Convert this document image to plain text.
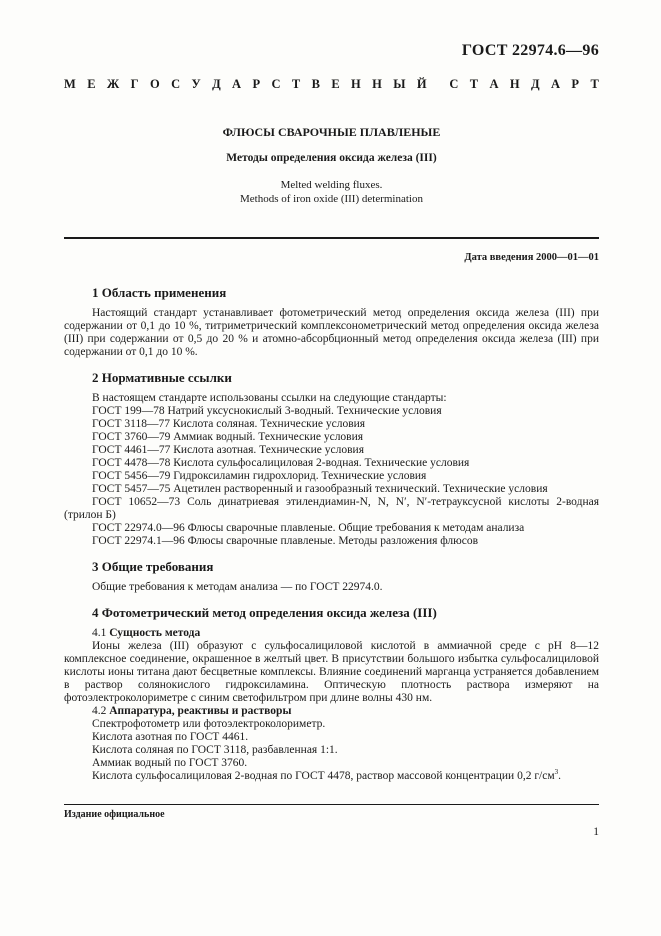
ГОСТ 22974.6—96
М Е Ж Г О С У Д А Р С Т В Е Н Н Ы Й С Т А Н Д А Р Т
ФЛЮСЫ СВАРОЧНЫЕ ПЛАВЛЕНЫЕ
Методы определения оксида железа (III)
Melted welding fluxes.
Methods of iron oxide (III) determination
Дата введения 2000—01—01
1 Область применения

Настоящий стандарт устанавливает фотометрический метод определения оксида железа (III) при содержании от 0,1 до 10 %, титриметрический комплексонометрический метод определения оксида железа (III) при содержании от 0,5 до 20 % и атомно-абсорбционный метод определения оксида железа (III) при содержании от 0,1 до 10 %.

2 Нормативные ссылки

В настоящем стандарте использованы ссылки на следующие стандарты:

ГОСТ 199—78 Натрий уксуснокислый 3-водный. Технические условия

ГОСТ 3118—77 Кислота соляная. Технические условия

ГОСТ 3760—79 Аммиак водный. Технические условия

ГОСТ 4461—77 Кислота азотная. Технические условия

ГОСТ 4478—78 Кислота сульфосалициловая 2-водная. Технические условия

ГОСТ 5456—79 Гидроксиламин гидрохлорид. Технические условия

ГОСТ 5457—75 Ацетилен растворенный и газообразный технический. Технические условия

ГОСТ 10652—73 Соль динатриевая этилендиамин-N, N, N′, N′-тетрауксусной кислоты 2-водная (трилон Б)

ГОСТ 22974.0—96 Флюсы сварочные плавленые. Общие требования к методам анализа

ГОСТ 22974.1—96 Флюсы сварочные плавленые. Методы разложения флюсов

3 Общие требования

Общие требования к методам анализа — по ГОСТ 22974.0.

4 Фотометрический метод определения оксида железа (III)

4.1 Сущность метода

Ионы железа (III) образуют с сульфосалициловой кислотой в аммиачной среде с рН 8—12 комплексное соединение, окрашенное в желтый цвет. В присутствии большого избытка сульфосалициловой кислоты ионы титана дают бесцветные комплексы. Влияние соединений марганца устраняется добавлением в раствор солянокислого гидроксиламина. Оптическую плотность раствора измеряют на фотоэлектроколориметре с синим светофильтром при длине волны 430 нм.

4.2 Аппаратура, реактивы и растворы

Спектрофотометр или фотоэлектроколориметр.

Кислота азотная по ГОСТ 4461.

Кислота соляная по ГОСТ 3118, разбавленная 1:1.

Аммиак водный по ГОСТ 3760.

Кислота сульфосалициловая 2-водная по ГОСТ 4478, раствор массовой концентрации 0,2 $г/см^3$.

Издание официальное
1
